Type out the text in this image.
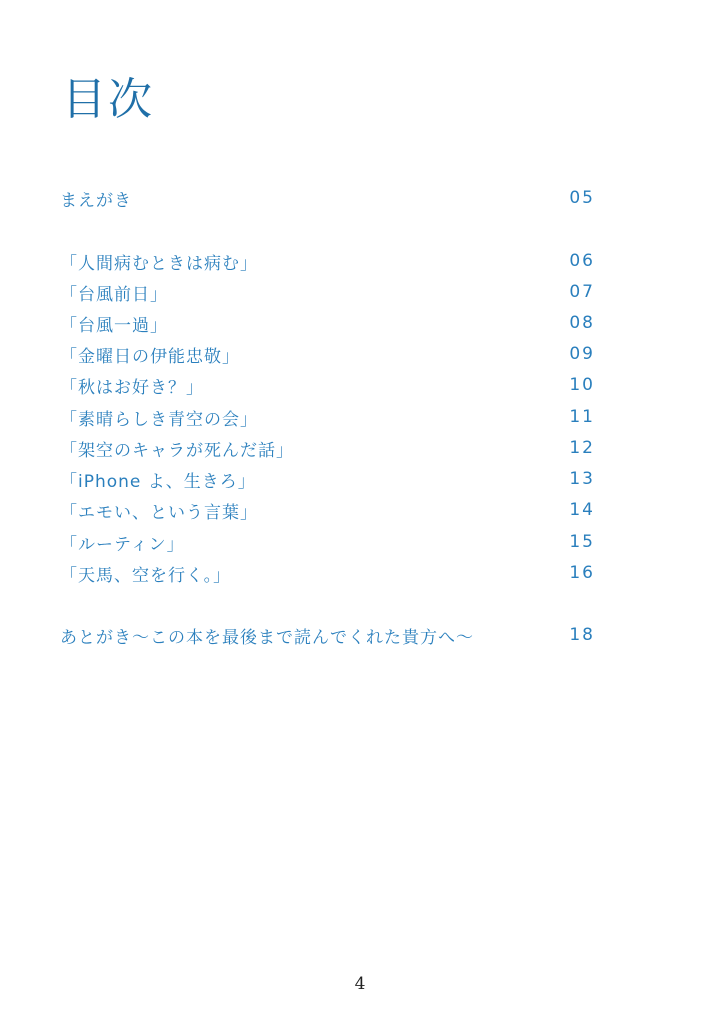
目次
まえがき	05
「人間病むときは病む」	06
「台風前日」	07
「台風一過」	08
「金曜日の伊能忠敬」	09
「秋はお好き？」	10
「素晴らしき青空の会」	11
「架空のキャラが死んだ話」	12
「iPhone よ、生きろ」	13
「エモい、という言葉」	14
「ルーティン」	15
「天馬、空を行く。」	16
あとがき～この本を最後まで読んでくれた貴方へ～	18
4
